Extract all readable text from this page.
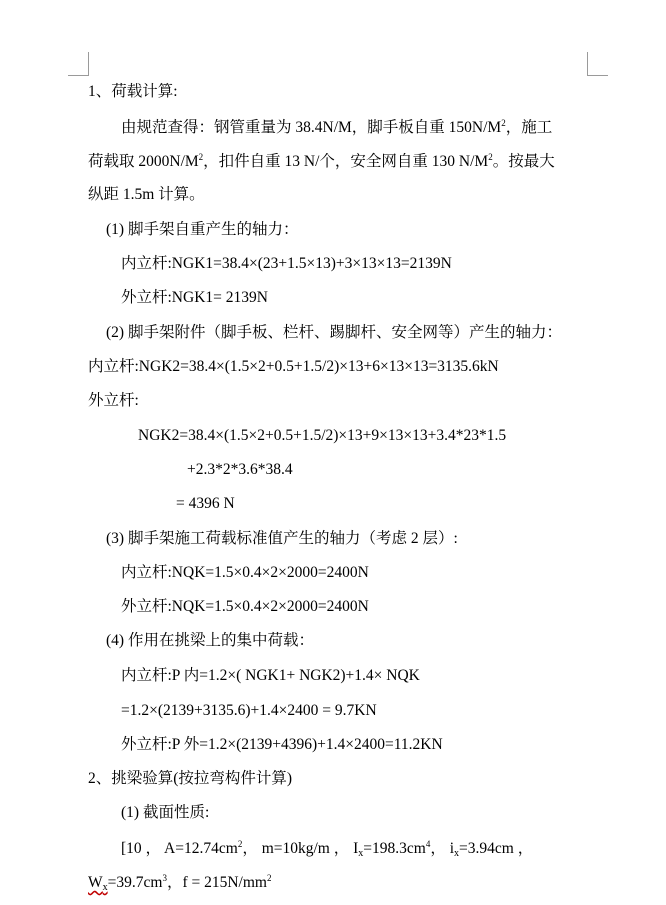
1、荷载计算:
由规范查得：钢管重量为 38.4N/M，脚手板自重 $150N/M^2$，施工
荷载取 $2000N/M^2$，扣件自重 13 N/个，安全网自重 130 $N/M^2$。按最大
纵距 1.5m 计算。
(1) 脚手架自重产生的轴力：
内立杆:NGK1=38.4×(23+1.5×13)+3×13×13=2139N
外立杆:NGK1= 2139N
(2) 脚手架附件（脚手板、栏杆、踢脚杆、安全网等）产生的轴力：
内立杆:NGK2=38.4×(1.5×2+0.5+1.5/2)×13+6×13×13=3135.6kN
外立杆:
NGK2=38.4×(1.5×2+0.5+1.5/2)×13+9×13×13+3.4*23*1.5
+2.3*2*3.6*38.4
= 4396 N
(3) 脚手架施工荷载标准值产生的轴力（考虑 2 层）:
内立杆:NQK=1.5×0.4×2×2000=2400N
外立杆:NQK=1.5×0.4×2×2000=2400N
(4) 作用在挑梁上的集中荷载：
内立杆:P 内=1.2×( NGK1+ NGK2)+1.4× NQK
=1.2×(2139+3135.6)+1.4×2400 = 9.7KN
外立杆:P 外=1.2×(2139+4396)+1.4×2400=11.2KN
2、挑梁验算(按拉弯构件计算)
(1) 截面性质:
[10 ， $A=12.74cm^2$， m=10kg/m ， $I_x=198.3cm^4$， $i_x=3.94cm$ ，
$W_x=39.7cm^3$，$f = 215N/mm^2$
